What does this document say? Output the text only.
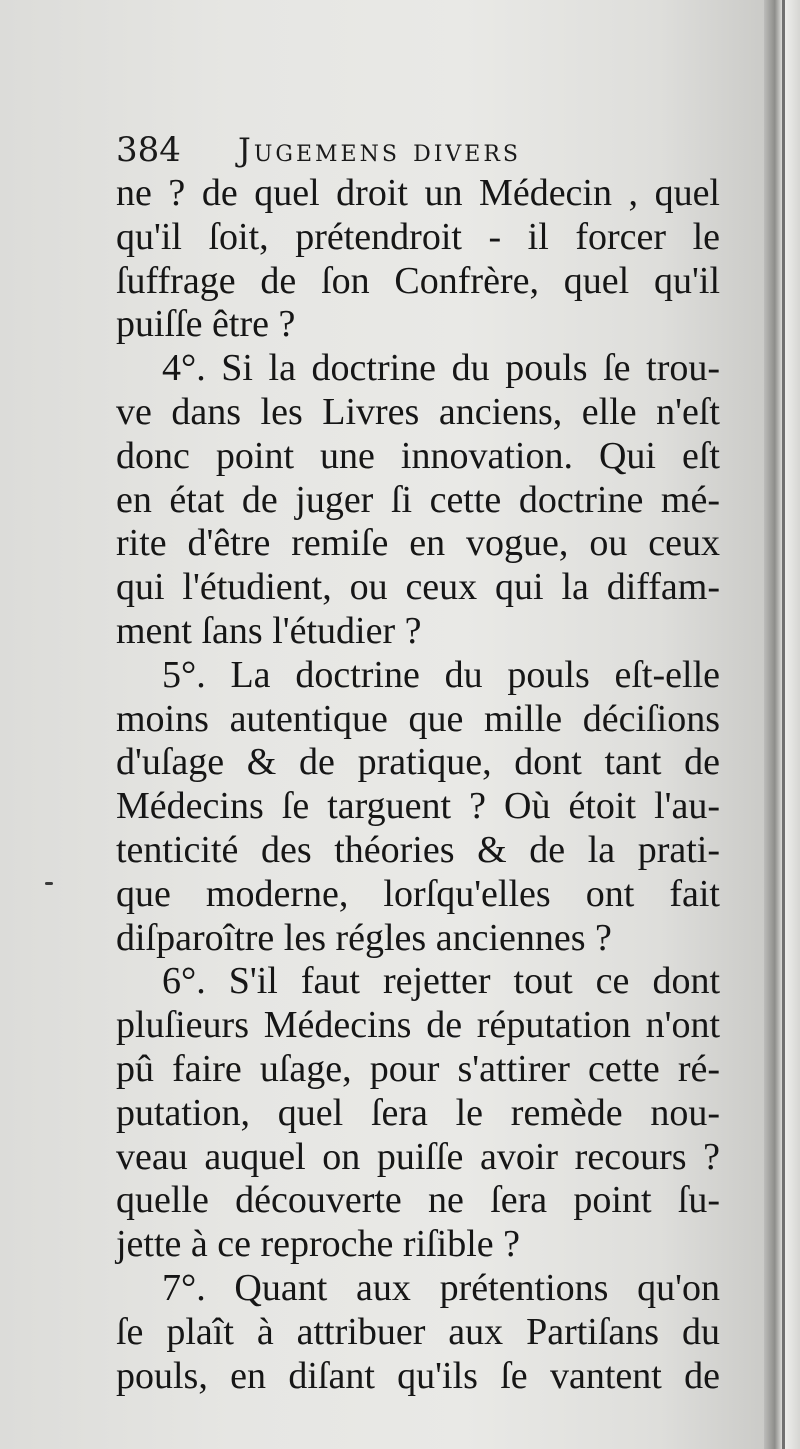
384 Jugemens divers
ne ? de quel droit un Médecin , quel
qu'il ſoit, prétendroit - il forcer le
ſuffrage de ſon Confrère, quel qu'il
puiſſe être ?
4°. Si la doctrine du pouls ſe trou-
ve dans les Livres anciens, elle n'eſt
donc point une innovation. Qui eſt
en état de juger ſi cette doctrine mé-
rite d'être remiſe en vogue, ou ceux
qui l'étudient, ou ceux qui la diffam-
ment ſans l'étudier ?
5°. La doctrine du pouls eſt-elle
moins autentique que mille déciſions
d'uſage & de pratique, dont tant de
Médecins ſe targuent ? Où étoit l'au-
tenticité des théories & de la prati-
que moderne, lorſqu'elles ont fait
diſparoître les régles anciennes ?
6°. S'il faut rejetter tout ce dont
pluſieurs Médecins de réputation n'ont
pû faire uſage, pour s'attirer cette ré-
putation, quel ſera le remède nou-
veau auquel on puiſſe avoir recours ?
quelle découverte ne ſera point ſu-
jette à ce reproche riſible ?
7°. Quant aux prétentions qu'on
ſe plaît à attribuer aux Partiſans du
pouls, en diſant qu'ils ſe vantent de
